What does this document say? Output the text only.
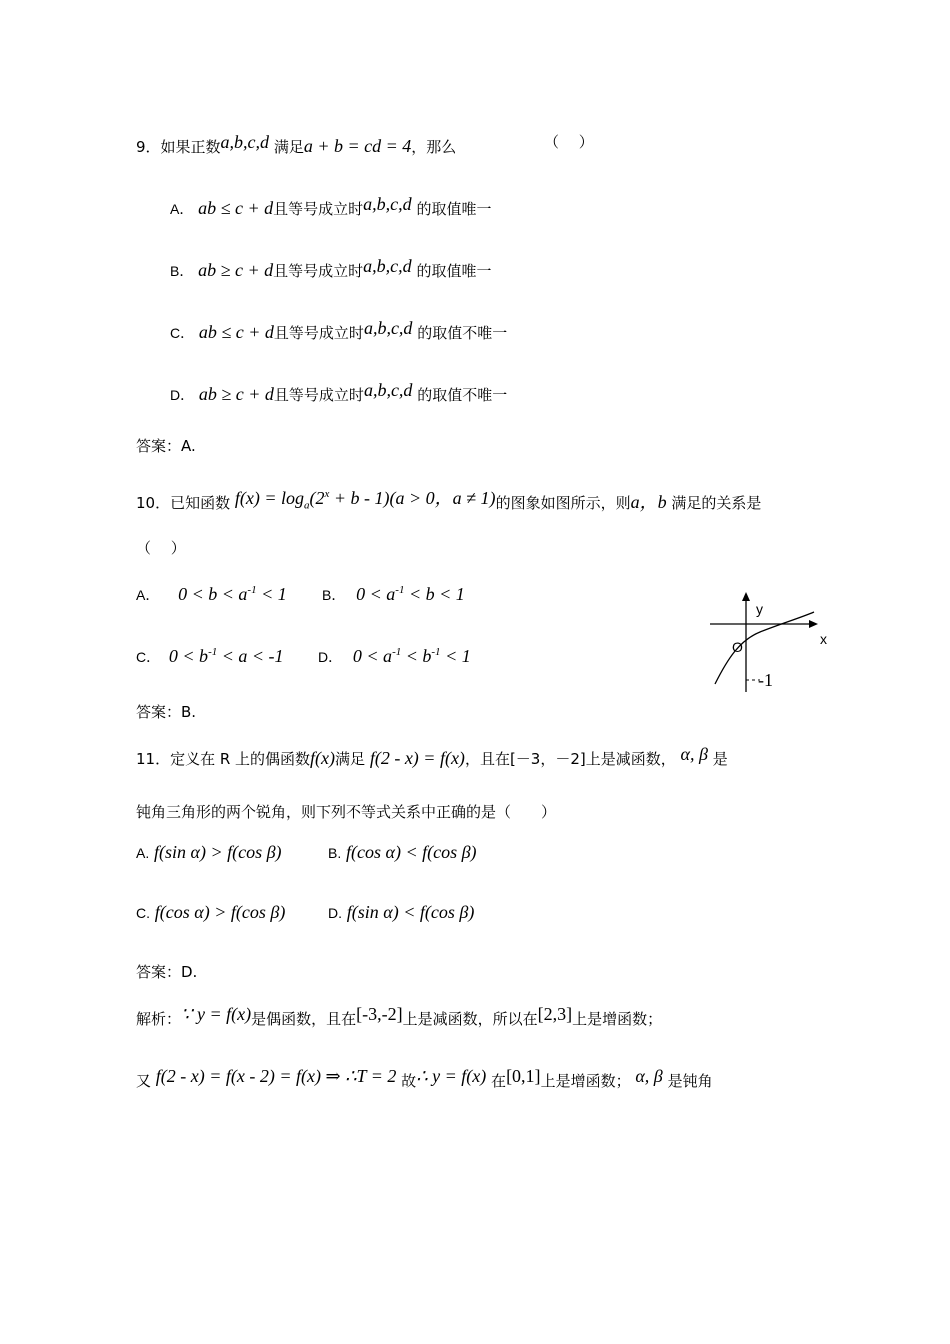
9．如果正数a,b,c,d 满足a + b = cd = 4，那么	（　 ）
A． ab ≤ c + d且等号成立时a,b,c,d 的取值唯一
B． ab ≥ c + d且等号成立时a,b,c,d 的取值唯一
C． ab ≤ c + d且等号成立时a,b,c,d 的取值不唯一
D． ab ≥ c + d且等号成立时a,b,c,d 的取值不唯一
答案：A.
10．已知函数 $f(x) = \log_a(2^x + b - 1)(a > 0$，a ≠ 1)的图象如图所示，则a，b 满足的关系是
（　 ）
A． $0 < b < a^{-1} < 1$	B． $0 < a^{-1} < b < 1$
C． $0 < b^{-1} < a < -1$ D． $0 < a^{-1} < b^{-1} < 1$
y
x
O
-1
答案：B.
11．定义在 R 上的偶函数f(x)满足 f(2 - x) = f(x)，且在[－3，－2]上是减函数， α, β 是
钝角三角形的两个锐角，则下列不等式关系中正确的是（　　）
A. f(sin α) > f(cos β)	B. f(cos α) < f(cos β)
C. f(cos α) > f(cos β)	D. f(sin α) < f(cos β)
答案：D.
解析：∵ y = f(x)是偶函数，且在[-3,-2]上是减函数，所以在[2,3]上是增函数；
又 f(2 - x) = f(x - 2) = f(x) ⇒ ∴T = 2 故∴ y = f(x) 在[0,1]上是增函数； α, β 是钝角
